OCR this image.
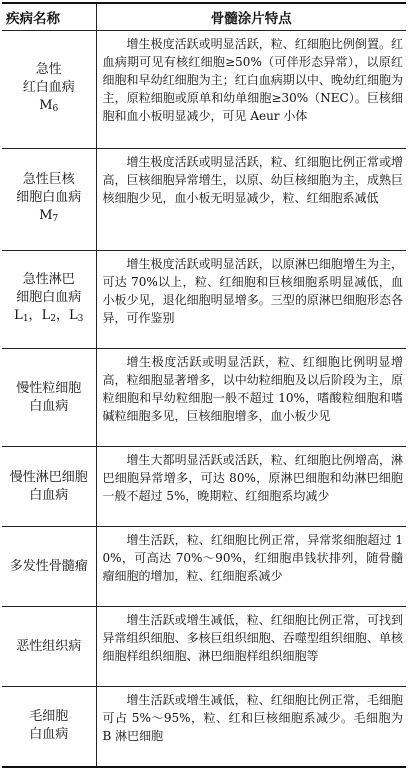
疾病名称	骨髓涂片特点

急性
红白血病
$M_6$	增生极度活跃或明显活跃，粒、红细胞比例倒置。红血病期可见有核红细胞≥50%（可伴形态异常），以原红细胞和早幼红细胞为主；红白血病期以中、晚幼红细胞为主，原粒细胞或原单和幼单细胞≥30%（NEC）。巨核细胞和血小板明显减少，可见 Aeur 小体

急性巨核
细胞白血病
$M_7$	增生极度活跃或明显活跃，粒、红细胞比例正常或增高，巨核细胞异常增生，以原、幼巨核细胞为主，成熟巨核细胞少见，血小板无明显减少，粒、红细胞系减低

急性淋巴
细胞白血病
$L_1$，$L_2$，$L_3$	增生极度活跃或明显活跃，以原淋巴细胞增生为主，可达 70%以上，粒、红细胞和巨核细胞系明显减低，血小板少见，退化细胞明显增多。三型的原淋巴细胞形态各异，可作鉴别

慢性粒细胞
白血病	增生极度活跃或明显活跃，粒、红细胞比例明显增高，粒细胞显著增多，以中幼粒细胞及以后阶段为主，原粒细胞和早幼粒细胞一般不超过 10%，嗜酸粒细胞和嗜碱粒细胞多见，巨核细胞增多，血小板少见

慢性淋巴细胞
白血病	增生大都明显活跃或活跃，粒、红细胞比例增高，淋巴细胞异常增多，可达 80%，原淋巴细胞和幼淋巴细胞一般不超过 5%，晚期粒、红细胞系均减少

多发性骨髓瘤	增生活跃，粒、红细胞比例正常，异常浆细胞超过 10%，可高达 70%～90%，红细胞串钱状排列，随骨髓瘤细胞的增加，粒、红细胞系减少

恶性组织病	增生活跃或增生减低，粒、红细胞比例正常，可找到异常组织细胞、多核巨组织细胞、吞噬型组织细胞、单核细胞样组织细胞、淋巴细胞样组织细胞等

毛细胞
白血病	增生活跃或增生减低，粒、红细胞比例正常，毛细胞可占 5%～95%，粒、红和巨核细胞系减少。毛细胞为 B 淋巴细胞
